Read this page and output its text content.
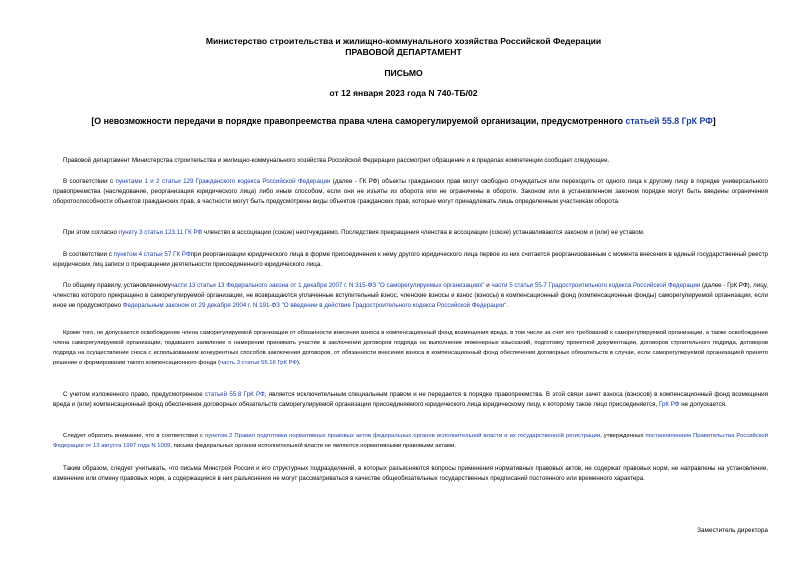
Министерство строительства и жилищно-коммунального хозяйства Российской Федерации
ПРАВОВОЙ ДЕПАРТАМЕНТ
ПИСЬМО
от 12 января 2023 года N 740-ТБ/02
[О невозможности передачи в порядке правопреемства права члена саморегулируемой организации, предусмотренного статьей 55.8 ГрК РФ]
Правовой департамент Министерства строительства и жилищно-коммунального хозяйства Российской Федерации рассмотрел обращение и в пределах компетенции сообщает следующее.
В соответствии с пунктами 1 и 2 статьи 129 Гражданского кодекса Российской Федерации (далее - ГК РФ) объекты гражданских прав могут свободно отчуждаться или переходить от одного лица к другому лицу в порядке универсального правопреемства (наследование, реорганизация юридического лица) либо иным способом, если они не изъяты из оборота или не ограничены в обороте. Законом или в установленном законом порядке могут быть введены ограничения оборотоспособности объектов гражданских прав, в частности могут быть предусмотрены виды объектов гражданских прав, которые могут принадлежать лишь определенным участникам оборота.
При этом согласно пункту 3 статьи 123.11 ГК РФ членство в ассоциации (союзе) неотчуждаемо. Последствия прекращения членства в ассоциации (союзе) устанавливаются законом и (или) ее уставом.
В соответствии с пунктом 4 статьи 57 ГК РФпри реорганизации юридического лица в форме присоединения к нему другого юридического лица первое из них считается реорганизованным с момента внесения в единый государственный реестр юридических лиц записи о прекращении деятельности присоединенного юридического лица.
По общему правилу, установленномучасти 13 статьи 13 Федерального закона от 1 декабря 2007 г. N 315-ФЗ "О саморегулируемых организациях" и части 5 статьи 55.7 Градостроительного кодекса Российской Федерации (далее - ГрК РФ), лицу, членство которого прекращено в саморегулируемой организации, не возвращаются уплаченные вступительный взнос, членские взносы и взнос (взносы) в компенсационный фонд (компенсационные фонды) саморегулируемой организации, если иное не предусмотрено Федеральным законом от 29 декабря 2004 г. N 191-ФЗ "О введении в действие Градостроительного кодекса Российской Федерации".
Кроме того, не допускается освобождение члена саморегулируемой организации от обязанности внесения взноса в компенсационный фонд возмещения вреда, в том числе за счет его требований к саморегулируемой организации, а также освобождение члена саморегулируемой организации, подавшего заявление о намерении принимать участие в заключении договоров подряда на выполнение инженерных изысканий, подготовку проектной документации, договоров строительного подряда, договоров подряда на осуществление сноса с использованием конкурентных способов заключения договоров, от обязанности внесения взноса в компенсационный фонд обеспечения договорных обязательств в случае, если саморегулируемой организацией принято решение о формировании такого компенсационного фонда (часть 3 статьи 55.16 ГрК РФ).
С учетом изложенного право, предусмотренное статьей 55.8 ГрК РФ, является исключительным специальным правом и не передается в порядке правопреемства. В этой связи зачет взноса (взносов) в компенсационный фонд возмещения вреда и (или) компенсационный фонд обеспечения договорных обязательств саморегулируемой организации присоединяемого юридического лица юридическому лицу, к которому такое лицо присоединяется, ГрК РФ не допускается.
Следует обратить внимание, что в соответствии с пунктом 2 Правил подготовки нормативных правовых актов федеральных органов исполнительной власти и их государственной регистрации, утвержденных постановлением Правительства Российской Федерации от 13 августа 1997 года N 1009, письма федеральных органов исполнительной власти не являются нормативными правовыми актами.
Таким образом, следует учитывать, что письма Минстроя России и его структурных подразделений, в которых разъясняются вопросы применения нормативных правовых актов, не содержат правовых норм, не направлены на установление, изменение или отмену правовых норм, а содержащиеся в них разъяснения не могут рассматриваться в качестве общеобязательных государственных предписаний постоянного или временного характера.
Заместитель директора
